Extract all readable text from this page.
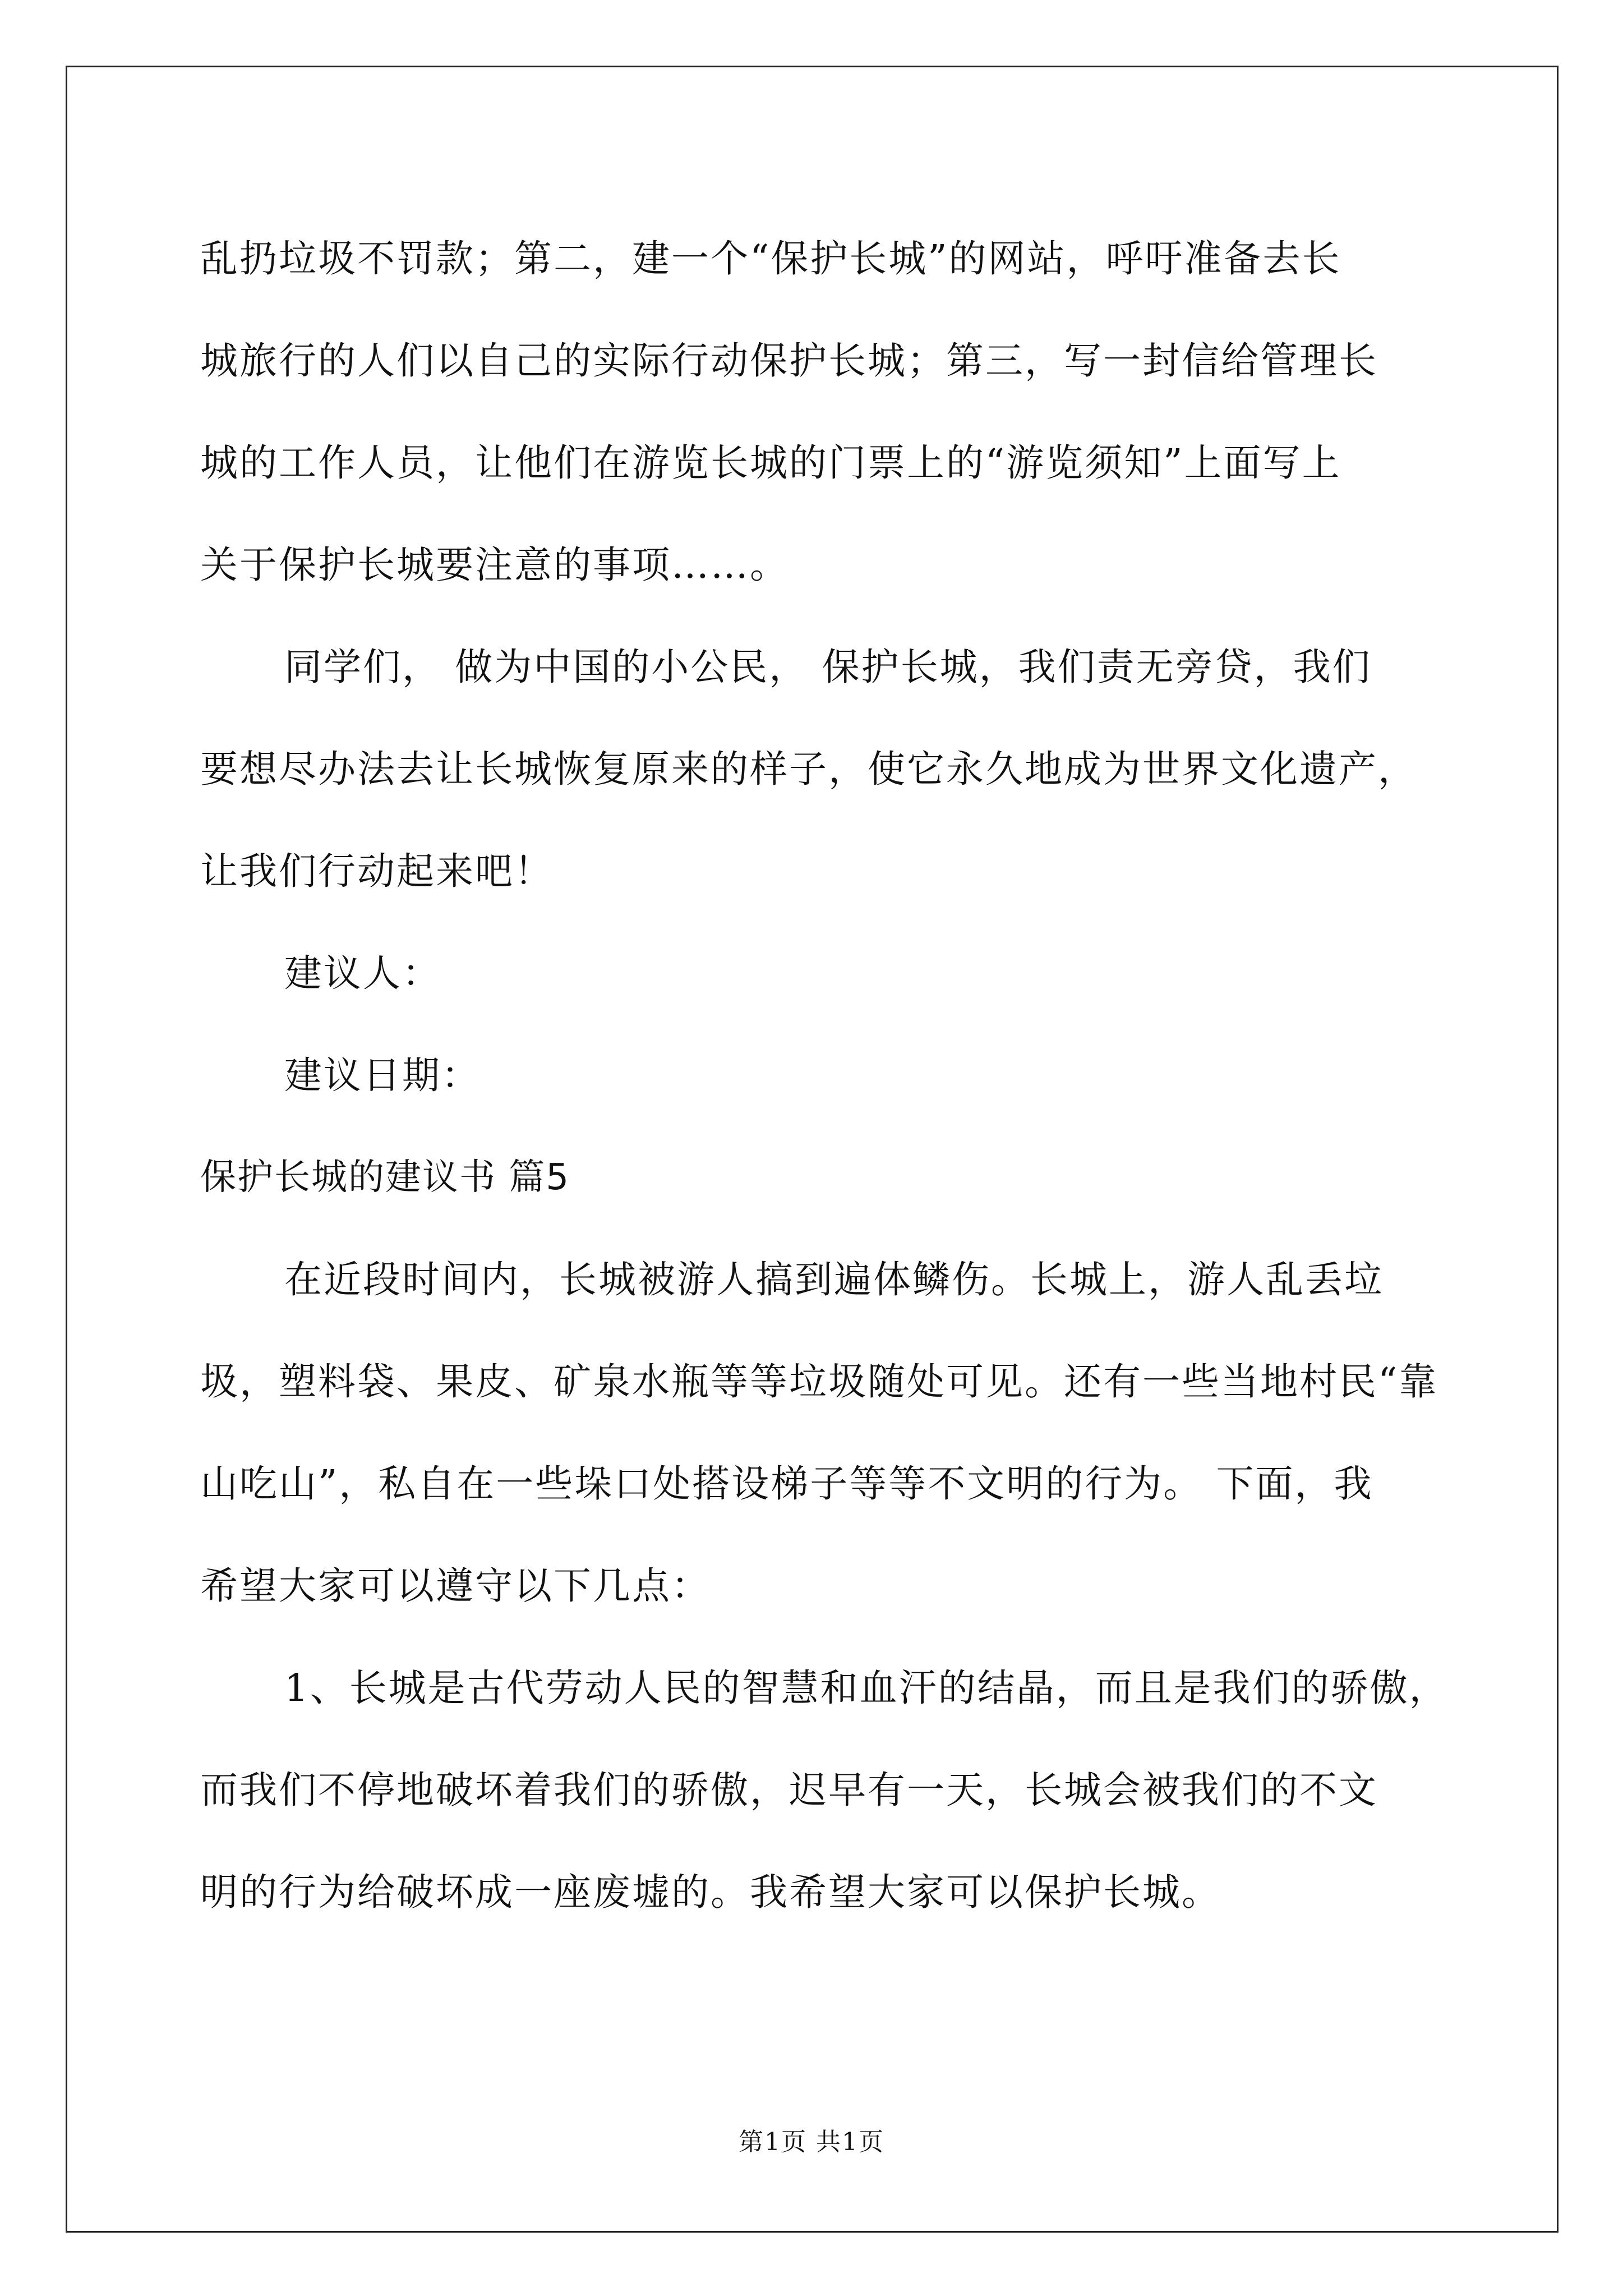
乱扔垃圾不罚款；第二，建一个“保护长城”的网站，呼吁准备去长
城旅行的人们以自己的实际行动保护长城；第三，写一封信给管理长
城的工作人员，让他们在游览长城的门票上的“游览须知”上面写上
关于保护长城要注意的事项……。
同学们， 做为中国的小公民， 保护长城，我们责无旁贷，我们
要想尽办法去让长城恢复原来的样子，使它永久地成为世界文化遗产，
让我们行动起来吧！
建议人：
建议日期：
保护长城的建议书 篇5
在近段时间内，长城被游人搞到遍体鳞伤。长城上，游人乱丢垃
圾，塑料袋、果皮、矿泉水瓶等等垃圾随处可见。还有一些当地村民“靠
山吃山”，私自在一些垛口处搭设梯子等等不文明的行为。 下面，我
希望大家可以遵守以下几点：
1、长城是古代劳动人民的智慧和血汗的结晶，而且是我们的骄傲，
而我们不停地破坏着我们的骄傲，迟早有一天，长城会被我们的不文
明的行为给破坏成一座废墟的。我希望大家可以保护长城。
第1页 共1页
